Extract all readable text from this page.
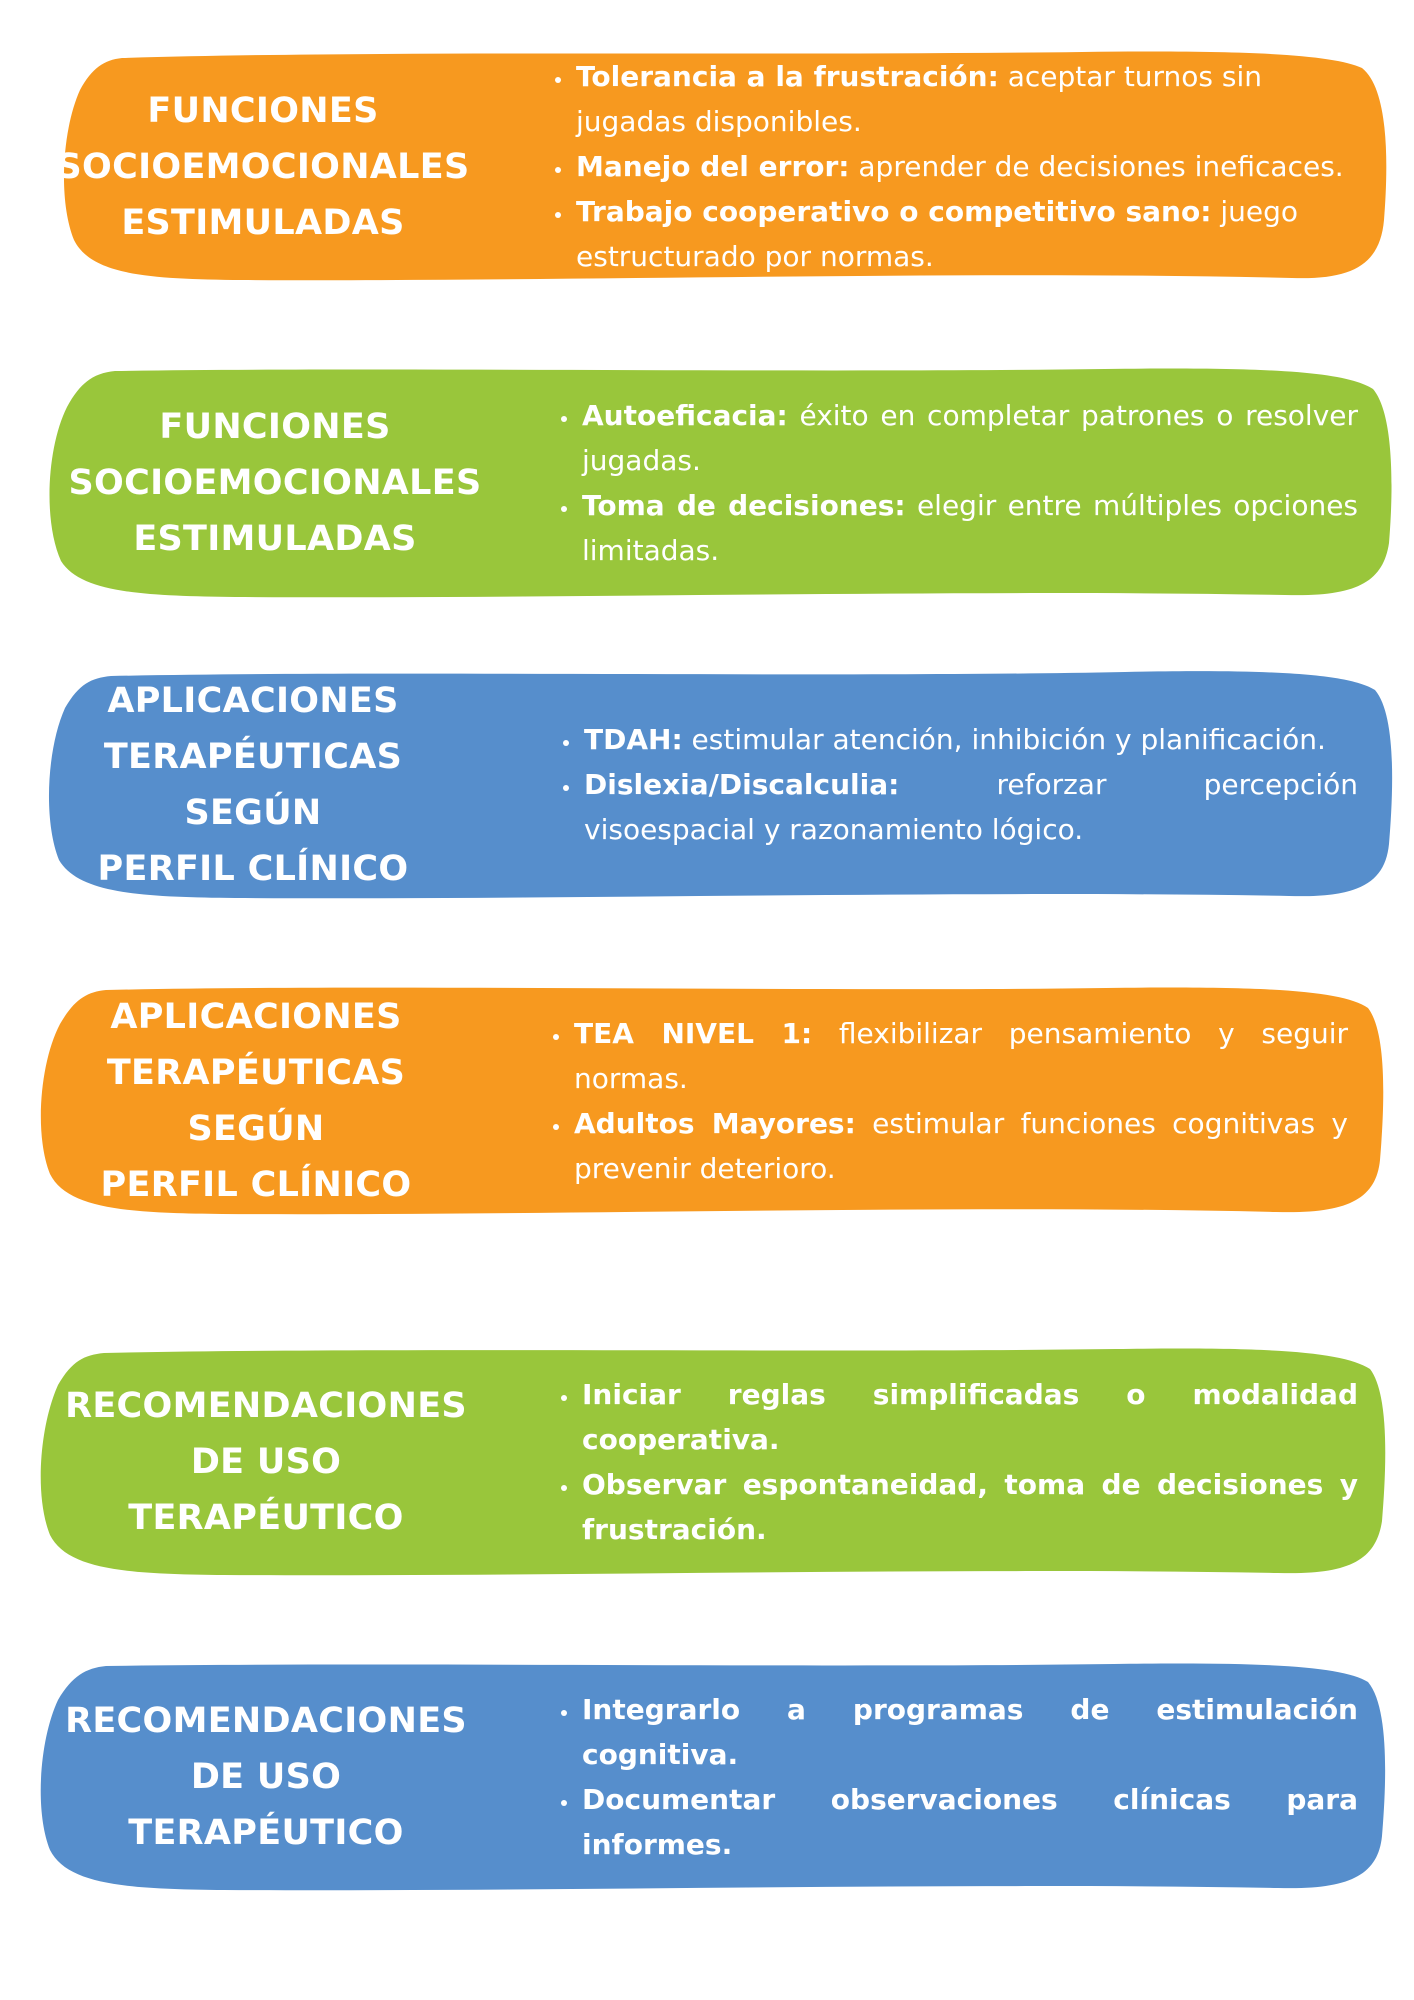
FUNCIONES
SOCIOEMOCIONALES
ESTIMULADAS
• Tolerancia a la frustración: aceptar turnos sin jugadas disponibles.
• Manejo del error: aprender de decisiones ineficaces.
• Trabajo cooperativo o competitivo sano: juego estructurado por normas.
FUNCIONES
SOCIOEMOCIONALES
ESTIMULADAS
• Autoeficacia: éxito en completar patrones o resolver jugadas.
• Toma de decisiones: elegir entre múltiples opciones limitadas.
APLICACIONES
TERAPÉUTICAS SEGÚN
PERFIL CLÍNICO
• TDAH: estimular atención, inhibición y planificación.
• Dislexia/Discalculia: reforzar percepción visoespacial y razonamiento lógico.
APLICACIONES
TERAPÉUTICAS SEGÚN
PERFIL CLÍNICO
• TEA NIVEL 1: flexibilizar pensamiento y seguir normas.
• Adultos Mayores: estimular funciones cognitivas y prevenir deterioro.
RECOMENDACIONES
DE USO
TERAPÉUTICO
• Iniciar reglas simplificadas o modalidad cooperativa.
• Observar espontaneidad, toma de decisiones y frustración.
RECOMENDACIONES
DE USO
TERAPÉUTICO
• Integrarlo a programas de estimulación cognitiva.
• Documentar observaciones clínicas para informes.
